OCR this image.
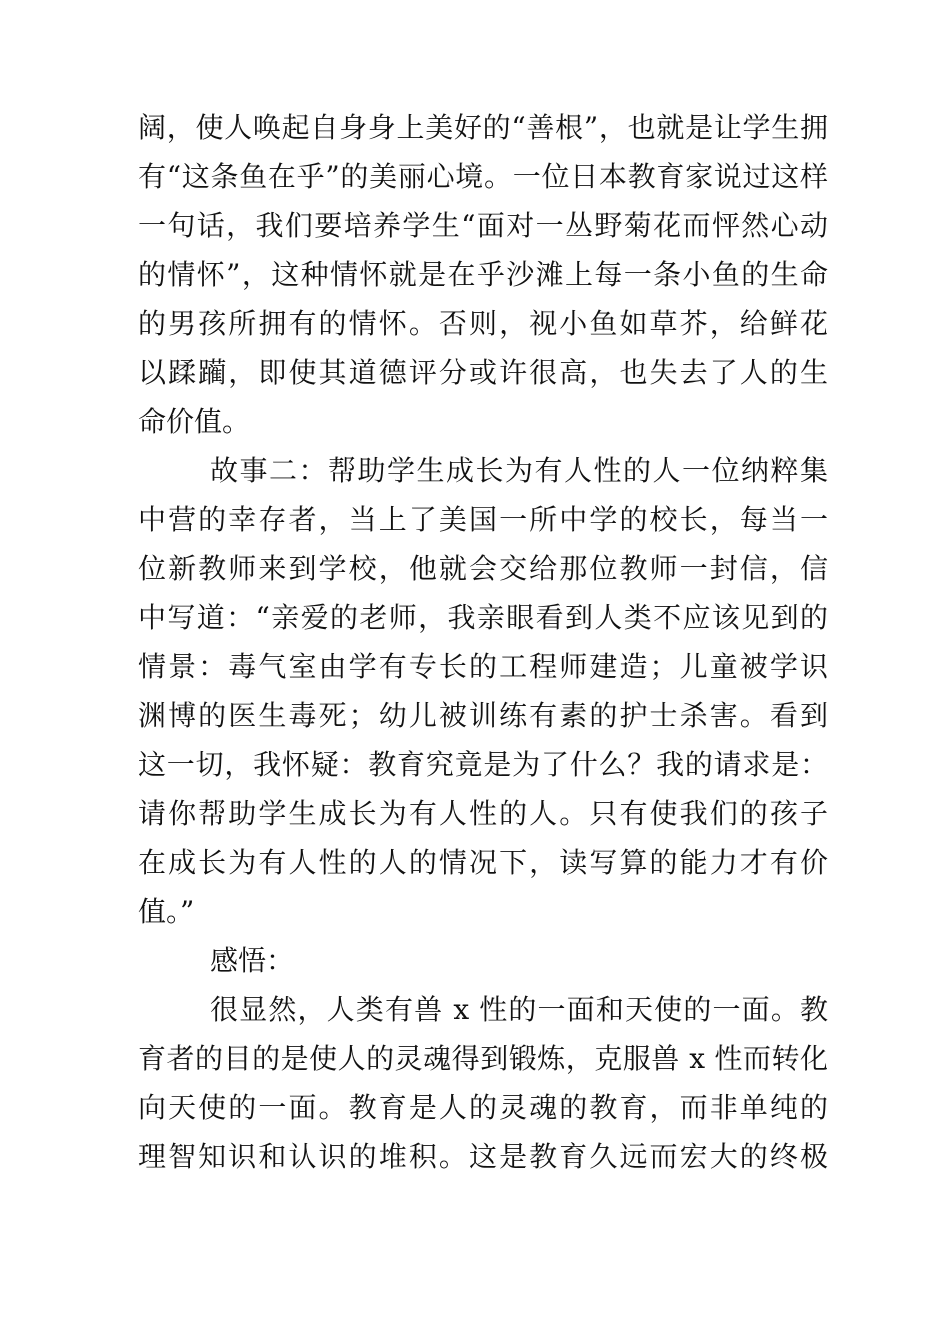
阔，使人唤起自身身上美好的“善根”，也就是让学生拥
有“这条鱼在乎”的美丽心境。一位日本教育家说过这样
一句话，我们要培养学生“面对一丛野菊花而怦然心动
的情怀”，这种情怀就是在乎沙滩上每一条小鱼的生命
的男孩所拥有的情怀。否则，视小鱼如草芥，给鲜花
以蹂躏，即使其道德评分或许很高，也失去了人的生
命价值。
故事二：帮助学生成长为有人性的人一位纳粹集
中营的幸存者，当上了美国一所中学的校长，每当一
位新教师来到学校，他就会交给那位教师一封信，信
中写道：“亲爱的老师，我亲眼看到人类不应该见到的
情景：毒气室由学有专长的工程师建造；儿童被学识
渊博的医生毒死；幼儿被训练有素的护士杀害。看到
这一切，我怀疑：教育究竟是为了什么？我的请求是：
请你帮助学生成长为有人性的人。只有使我们的孩子
在成长为有人性的人的情况下，读写算的能力才有价
值。”
感悟：
很显然，人类有兽 x 性的一面和天使的一面。教
育者的目的是使人的灵魂得到锻炼，克服兽 x 性而转化
向天使的一面。教育是人的灵魂的教育，而非单纯的
理智知识和认识的堆积。这是教育久远而宏大的终极
